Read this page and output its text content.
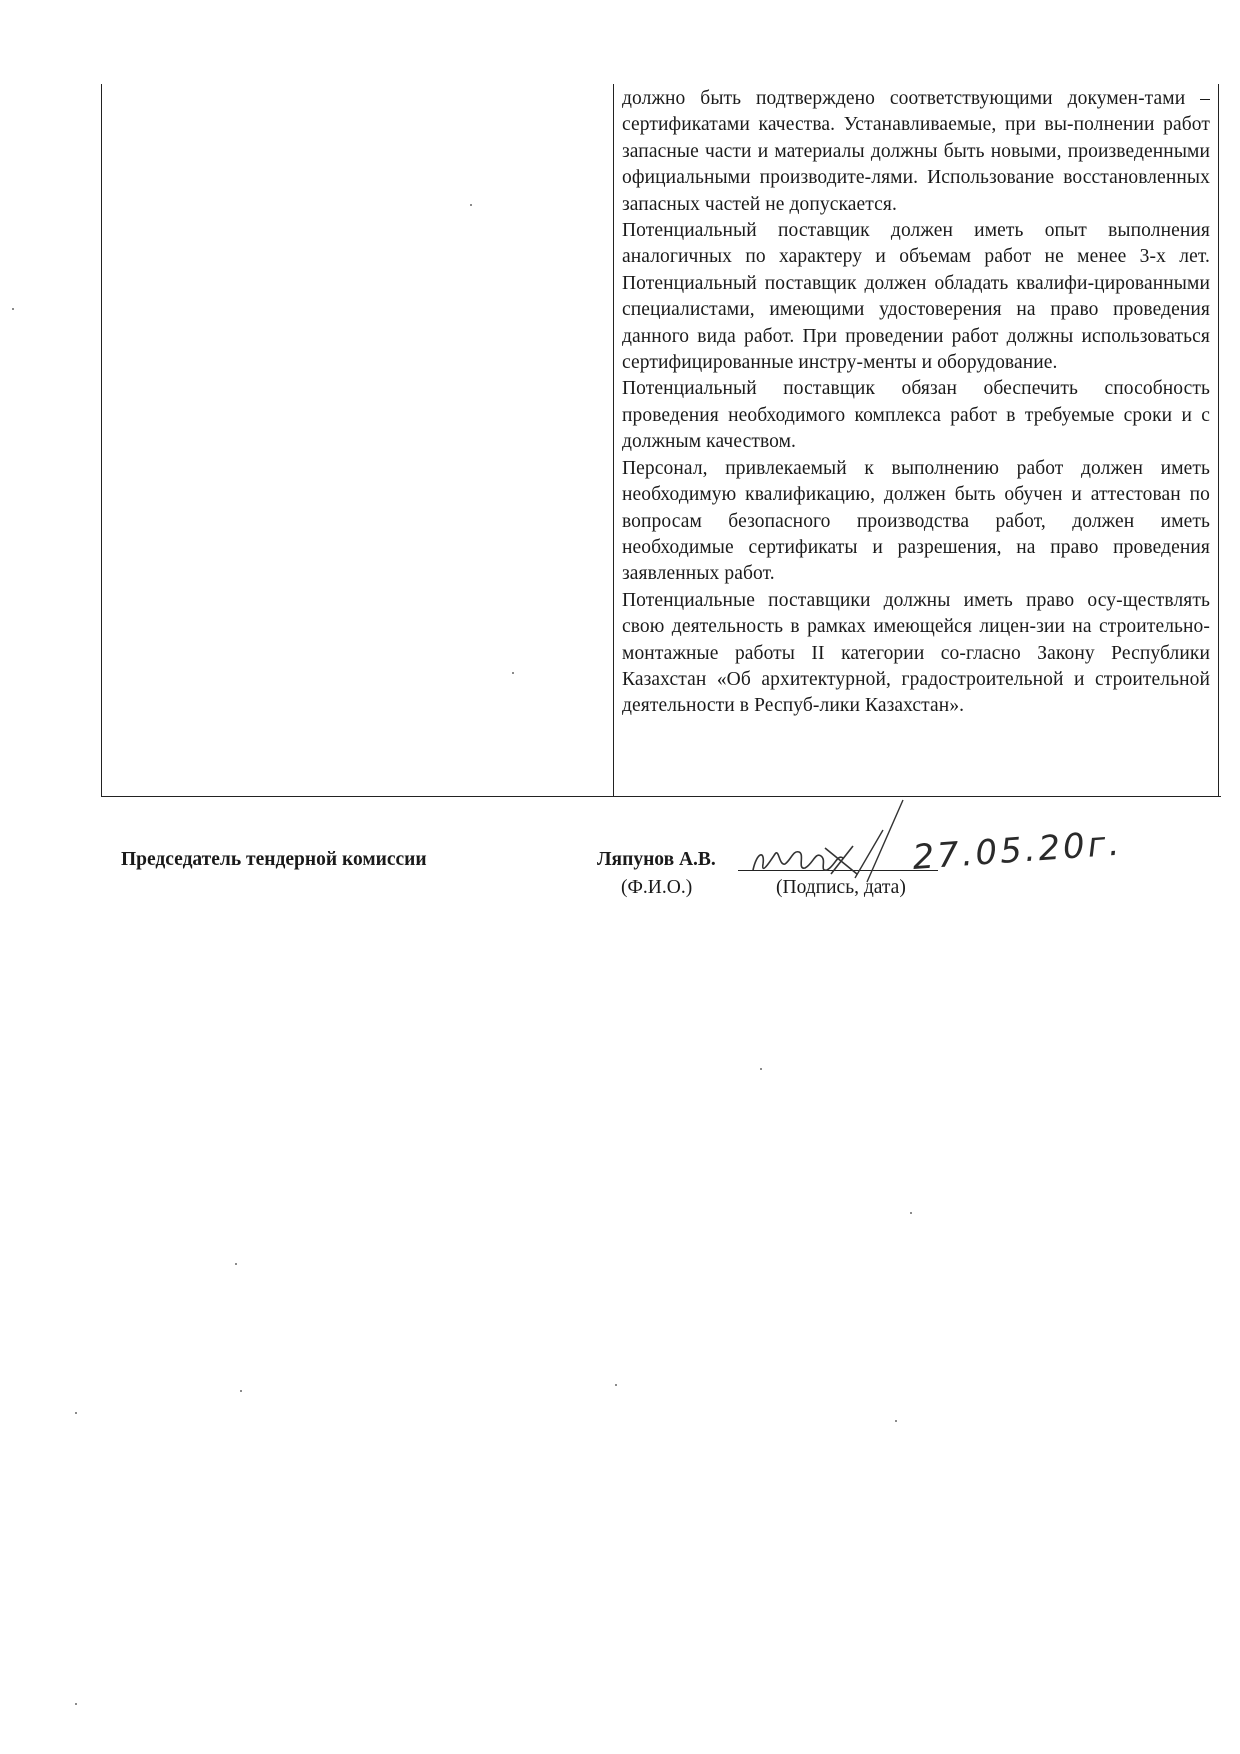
должно быть подтверждено соответствующими докумен-тами – сертификатами качества. Устанавливаемые, при вы-полнении работ запасные части и материалы должны быть новыми, произведенными официальными производите-лями. Использование восстановленных запасных частей не допускается.

Потенциальный поставщик должен иметь опыт выполнения аналогичных по характеру и объемам работ не менее 3-х лет. Потенциальный поставщик должен обладать квалифи-цированными специалистами, имеющими удостоверения на право проведения данного вида работ. При проведении работ должны использоваться сертифицированные инстру-менты и оборудование.

Потенциальный поставщик обязан обеспечить способность проведения необходимого комплекса работ в требуемые сроки и с должным качеством.

Персонал, привлекаемый к выполнению работ должен иметь необходимую квалификацию, должен быть обучен и аттестован по вопросам безопасного производства работ, должен иметь необходимые сертификаты и разрешения, на право проведения заявленных работ.

Потенциальные поставщики должны иметь право осу-ществлять свою деятельность в рамках имеющейся лицен-зии на строительно-монтажные работы II категории со-гласно Закону Республики Казахстан «Об архитектурной, градостроительной и строительной деятельности в Респуб-лики Казахстан».

Председатель тендерной комиссии	Ляпунов А.В.	27.05.20г.
(Ф.И.О.)	(Подпись, дата)
